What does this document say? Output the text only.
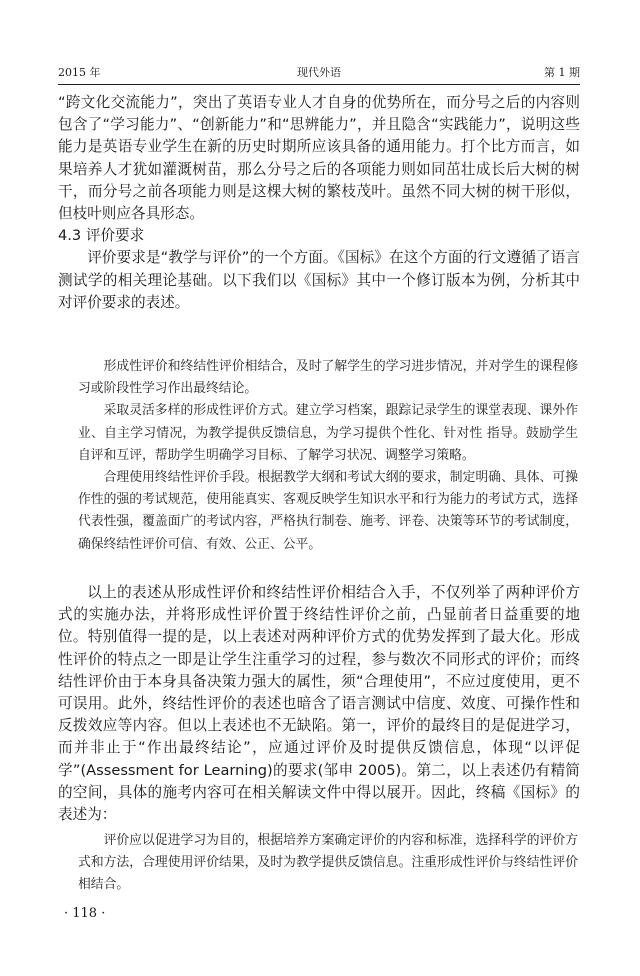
2015 年	现代外语	第 1 期

“跨文化交流能力”，突出了英语专业人才自身的优势所在，而分号之后的内容则包含了“学习能力”、“创新能力”和“思辨能力”，并且隐含“实践能力”，说明这些能力是英语专业学生在新的历史时期所应该具备的通用能力。打个比方而言，如果培养人才犹如灌溉树苗，那么分号之后的各项能力则如同茁壮成长后大树的树干，而分号之前各项能力则是这棵大树的繁枝茂叶。虽然不同大树的树干形似，但枝叶则应各具形态。

4.3 评价要求

评价要求是“教学与评价”的一个方面。《国标》在这个方面的行文遵循了语言测试学的相关理论基础。以下我们以《国标》其中一个修订版本为例，分析其中对评价要求的表述。

形成性评价和终结性评价相结合，及时了解学生的学习进步情况，并对学生的课程修习或阶段性学习作出最终结论。

采取灵活多样的形成性评价方式。建立学习档案，跟踪记录学生的课堂表现、课外作业、自主学习情况，为教学提供反馈信息，为学习提供个性化、针对性 指导。鼓励学生自评和互评，帮助学生明确学习目标、了解学习状况、调整学习策略。

合理使用终结性评价手段。根据教学大纲和考试大纲的要求，制定明确、具体、可操作性的强的考试规范，使用能真实、客观反映学生知识水平和行为能力的考试方式，选择代表性强，覆盖面广的考试内容，严格执行制卷、施考、评卷、决策等环节的考试制度，确保终结性评价可信、有效、公正、公平。

以上的表述从形成性评价和终结性评价相结合入手，不仅列举了两种评价方式的实施办法，并将形成性评价置于终结性评价之前，凸显前者日益重要的地位。特别值得一提的是，以上表述对两种评价方式的优势发挥到了最大化。形成性评价的特点之一即是让学生注重学习的过程，参与数次不同形式的评价；而终结性评价由于本身具备决策力强大的属性，须“合理使用”，不应过度使用，更不可误用。此外，终结性评价的表述也暗含了语言测试中信度、效度、可操作性和反拨效应等内容。但以上表述也不无缺陷。第一，评价的最终目的是促进学习，而并非止于“作出最终结论”，应通过评价及时提供反馈信息，体现“以评促学”(Assessment for Learning)的要求(邹申 2005)。第二，以上表述仍有精简的空间，具体的施考内容可在相关解读文件中得以展开。因此，终稿《国标》的表述为：

评价应以促进学习为目的，根据培养方案确定评价的内容和标准，选择科学的评价方式和方法，合理使用评价结果，及时为教学提供反馈信息。注重形成性评价与终结性评价相结合。

· 118 ·
